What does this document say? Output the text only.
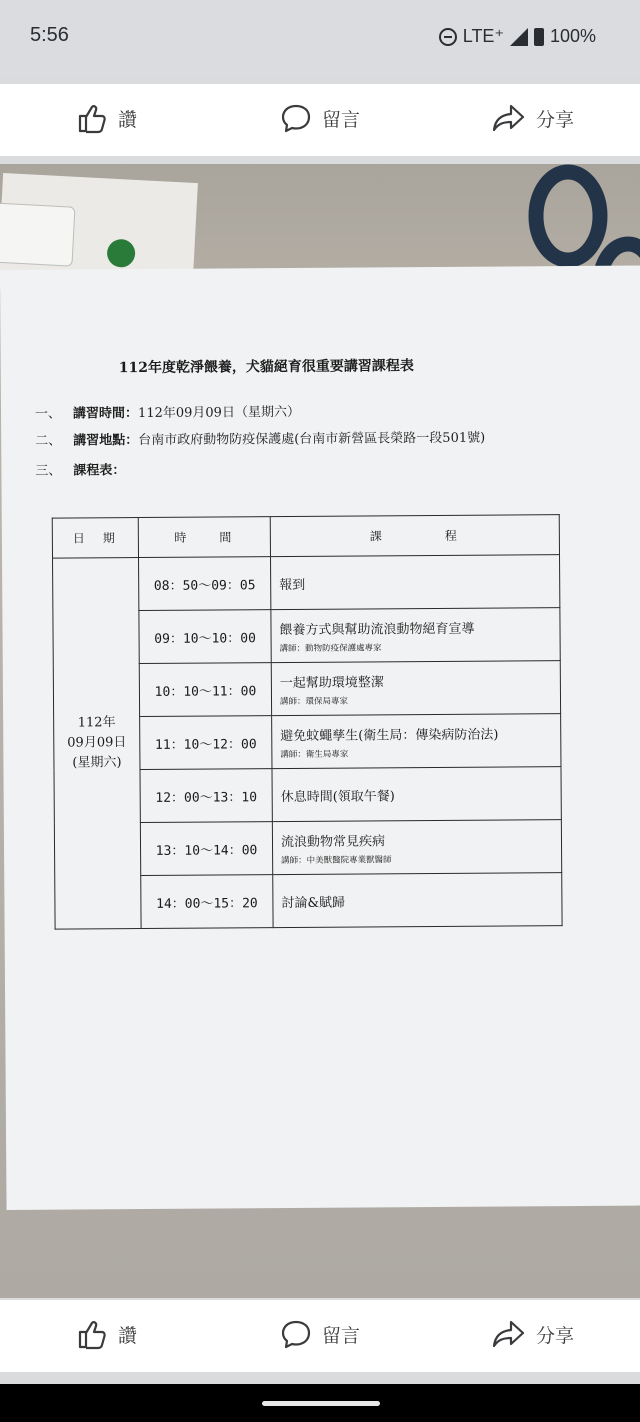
5:56	LTE⁺	100%
讚	留言	分享
112年度乾淨餵養，犬貓絕育很重要講習課程表
一、 講習時間：112年09月09日（星期六）
二、 講習地點：台南市政府動物防疫保護處(台南市新營區長榮路一段501號)
三、 課程表：
日　期	時　　間	課　　　　程
112年
09月09日
(星期六)	08：50～09：05	報到

	09：10～10：00	餵養方式與幫助流浪動物絕育宣導
講師：動物防疫保護處專家

	10：10～11：00	一起幫助環境整潔
講師：環保局專家

	11：10～12：00	避免蚊蠅孳生(衛生局：傳染病防治法)
講師：衛生局專家

	12：00～13：10	休息時間(領取午餐)

	13：10～14：00	流浪動物常見疾病
講師：中美獸醫院專業獸醫師

	14：00～15：20	討論&賦歸
讚	留言	分享
